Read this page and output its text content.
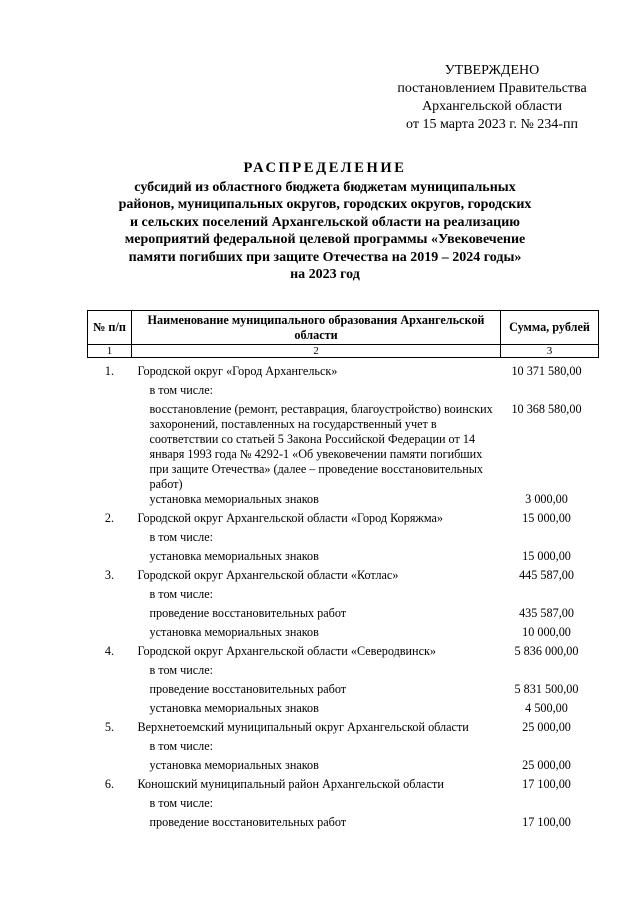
УТВЕРЖДЕНО
постановлением Правительства
Архангельской области
от 15 марта 2023 г. № 234-пп
РАСПРЕДЕЛЕНИЕ
субсидий из областного бюджета бюджетам муниципальных
районов, муниципальных округов, городских округов, городских
и сельских поселений Архангельской области на реализацию
мероприятий федеральной целевой программы «Увековечение
памяти погибших при защите Отечества на 2019 – 2024 годы»
на 2023 год
№ п/п	Наименование муниципального образования Архангельской области	Сумма, рублей
1	2	3
1.	Городской округ «Город Архангельск»	10 371 580,00
	в том числе:	
	восстановление (ремонт, реставрация, благоустройство) воинских захоронений, поставленных на государственный учет в соответствии со статьей 5 Закона Российской Федерации от 14 января 1993 года № 4292-1 «Об увековечении памяти погибших при защите Отечества» (далее – проведение восстановительных работ)	10 368 580,00
	установка мемориальных знаков	3 000,00
2.	Городской округ Архангельской области «Город Коряжма»	15 000,00
	в том числе:	
	установка мемориальных знаков	15 000,00
3.	Городской округ Архангельской области «Котлас»	445 587,00
	в том числе:	
	проведение восстановительных работ	435 587,00
	установка мемориальных знаков	10 000,00
4.	Городской округ Архангельской области «Северодвинск»	5 836 000,00
	в том числе:	
	проведение восстановительных работ	5 831 500,00
	установка мемориальных знаков	4 500,00
5.	Верхнетоемский муниципальный округ Архангельской области	25 000,00
	в том числе:	
	установка мемориальных знаков	25 000,00
6.	Коношский муниципальный район Архангельской области	17 100,00
	в том числе:	
	проведение восстановительных работ	17 100,00
